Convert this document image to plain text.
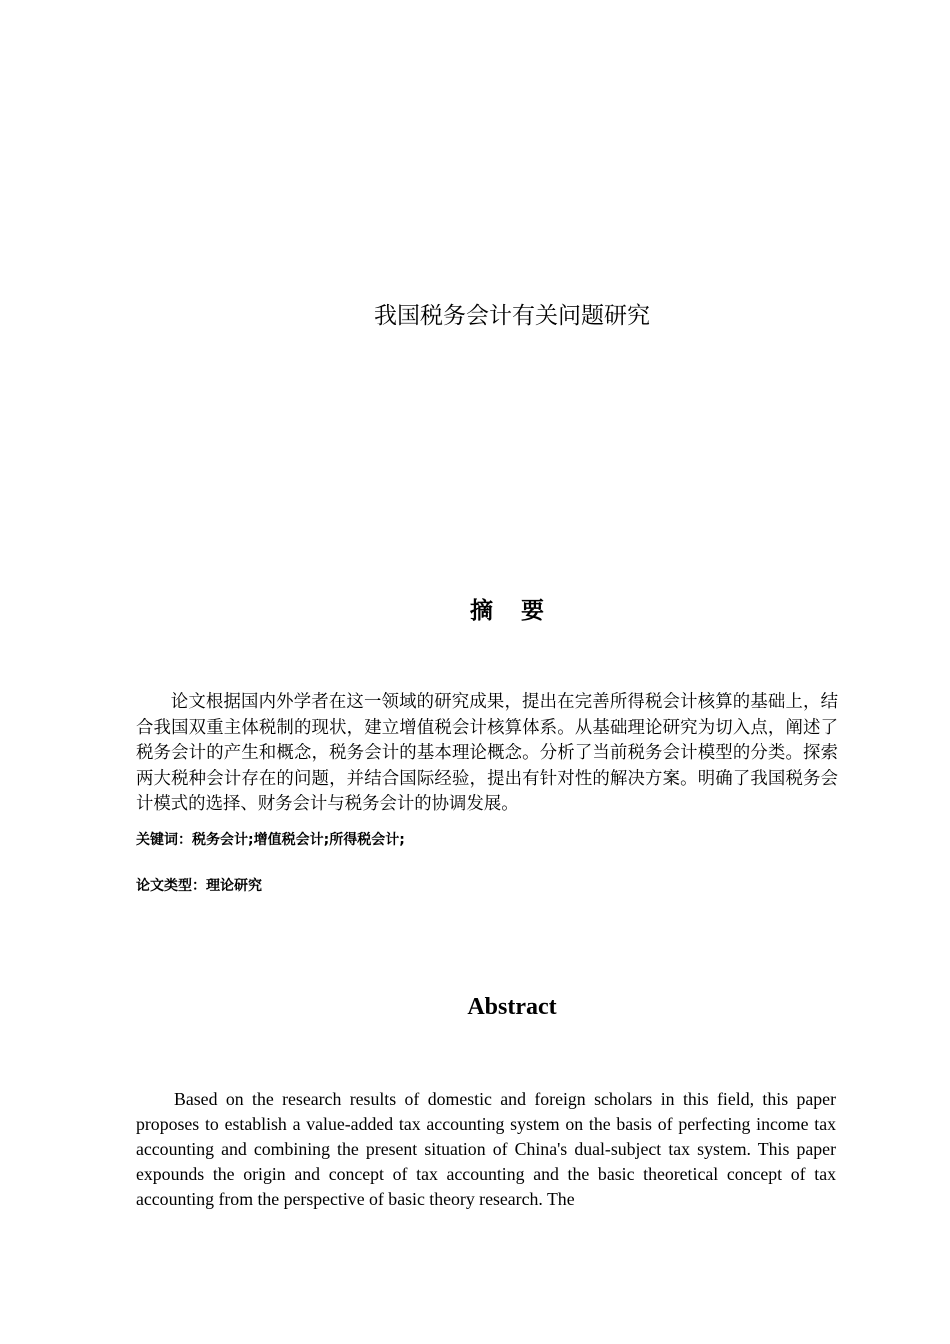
我国税务会计有关问题研究
摘 要

论文根据国内外学者在这一领域的研究成果，提出在完善所得税会计核算的基础上，结合我国双重主体税制的现状，建立增值税会计核算体系。从基础理论研究为切入点，阐述了税务会计的产生和概念，税务会计的基本理论概念。分析了当前税务会计模型的分类。探索两大税种会计存在的问题，并结合国际经验，提出有针对性的解决方案。明确了我国税务会计模式的选择、财务会计与税务会计的协调发展。

关键词：税务会计;增值税会计;所得税会计;

论文类型：理论研究

Abstract

Based on the research results of domestic and foreign scholars in this field, this paper proposes to establish a value-added tax accounting system on the basis of perfecting income tax accounting and combining the present situation of China's dual-subject tax system. This paper expounds the origin and concept of tax accounting and the basic theoretical concept of tax accounting from the perspective of basic theory research. The
